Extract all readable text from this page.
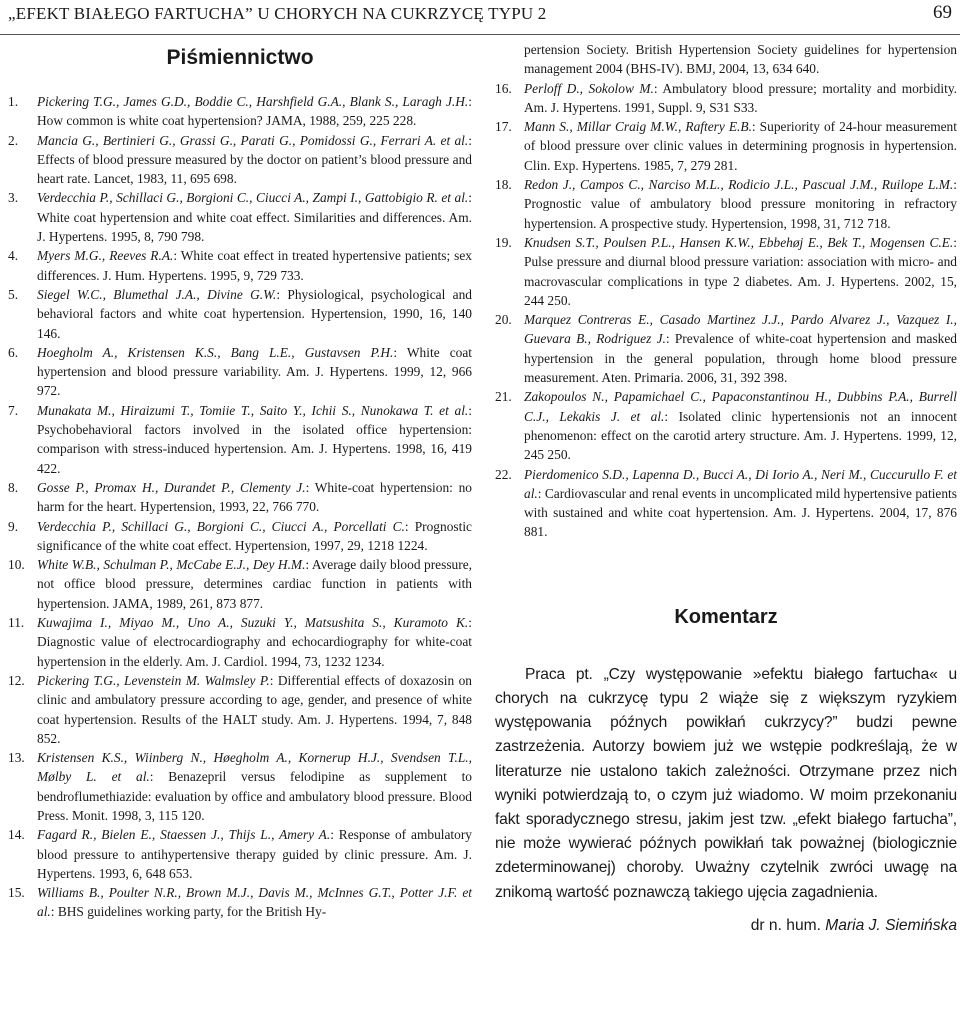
„EFEKT BIAŁEGO FARTUCHA” U CHORYCH NA CUKRZYCĘ TYPU 2	69
Piśmiennictwo
1. Pickering T.G., James G.D., Boddie C., Harshfield G.A., Blank S., Laragh J.H.: How common is white coat hypertension? JAMA, 1988, 259, 225 228.
2. Mancia G., Bertinieri G., Grassi G., Parati G., Pomidossi G., Ferrari A. et al.: Effects of blood pressure measured by the doctor on patient’s blood pressure and heart rate. Lancet, 1983, 11, 695 698.
3. Verdecchia P., Schillaci G., Borgioni C., Ciucci A., Zampi I., Gattobigio R. et al.: White coat hypertension and white coat effect. Similarities and differences. Am. J. Hypertens. 1995, 8, 790 798.
4. Myers M.G., Reeves R.A.: White coat effect in treated hypertensive patients; sex differences. J. Hum. Hypertens. 1995, 9, 729 733.
5. Siegel W.C., Blumethal J.A., Divine G.W.: Physiological, psychological and behavioral factors and white coat hypertension. Hypertension, 1990, 16, 140 146.
6. Hoegholm A., Kristensen K.S., Bang L.E., Gustavsen P.H.: White coat hypertension and blood pressure variability. Am. J. Hypertens. 1999, 12, 966 972.
7. Munakata M., Hiraizumi T., Tomiie T., Saito Y., Ichii S., Nunokawa T. et al.: Psychobehavioral factors involved in the isolated office hypertension: comparison with stress-induced hypertension. Am. J. Hypertens. 1998, 16, 419 422.
8. Gosse P., Promax H., Durandet P., Clementy J.: White-coat hypertension: no harm for the heart. Hypertension, 1993, 22, 766 770.
9. Verdecchia P., Schillaci G., Borgioni C., Ciucci A., Porcellati C.: Prognostic significance of the white coat effect. Hypertension, 1997, 29, 1218 1224.
10. White W.B., Schulman P., McCabe E.J., Dey H.M.: Average daily blood pressure, not office blood pressure, determines cardiac function in patients with hypertension. JAMA, 1989, 261, 873 877.
11. Kuwajima I., Miyao M., Uno A., Suzuki Y., Matsushita S., Kuramoto K.: Diagnostic value of electrocardiography and echocardiography for white-coat hypertension in the elderly. Am. J. Cardiol. 1994, 73, 1232 1234.
12. Pickering T.G., Levenstein M. Walmsley P.: Differential effects of doxazosin on clinic and ambulatory pressure according to age, gender, and presence of white coat hypertension. Results of the HALT study. Am. J. Hypertens. 1994, 7, 848 852.
13. Kristensen K.S., Wiinberg N., Høegholm A., Kornerup H.J., Svendsen T.L., Mølby L. et al.: Benazepril versus felodipine as supplement to bendroflumethiazide: evaluation by office and ambulatory blood pressure. Blood Press. Monit. 1998, 3, 115 120.
14. Fagard R., Bielen E., Staessen J., Thijs L., Amery A.: Response of ambulatory blood pressure to antihypertensive therapy guided by clinic pressure. Am. J. Hypertens. 1993, 6, 648 653.
15. Williams B., Poulter N.R., Brown M.J., Davis M., McInnes G.T., Potter J.F. et al.: BHS guidelines working party, for the British Hy-
pertension Society. British Hypertension Society guidelines for hypertension management 2004 (BHS-IV). BMJ, 2004, 13, 634 640.
16. Perloff D., Sokolow M.: Ambulatory blood pressure; mortality and morbidity. Am. J. Hypertens. 1991, Suppl. 9, S31 S33.
17. Mann S., Millar Craig M.W., Raftery E.B.: Superiority of 24-hour measurement of blood pressure over clinic values in determining prognosis in hypertension. Clin. Exp. Hypertens. 1985, 7, 279 281.
18. Redon J., Campos C., Narciso M.L., Rodicio J.L., Pascual J.M., Ruilope L.M.: Prognostic value of ambulatory blood pressure monitoring in refractory hypertension. A prospective study. Hypertension, 1998, 31, 712 718.
19. Knudsen S.T., Poulsen P.L., Hansen K.W., Ebbehøj E., Bek T., Mogensen C.E.: Pulse pressure and diurnal blood pressure variation: association with micro- and macrovascular complications in type 2 diabetes. Am. J. Hypertens. 2002, 15, 244 250.
20. Marquez Contreras E., Casado Martinez J.J., Pardo Alvarez J., Vazquez I., Guevara B., Rodriguez J.: Prevalence of white-coat hypertension and masked hypertension in the general population, through home blood pressure measurement. Aten. Primaria. 2006, 31, 392 398.
21. Zakopoulos N., Papamichael C., Papaconstantinou H., Dubbins P.A., Burrell C.J., Lekakis J. et al.: Isolated clinic hypertensionis not an innocent phenomenon: effect on the carotid artery structure. Am. J. Hypertens. 1999, 12, 245 250.
22. Pierdomenico S.D., Lapenna D., Bucci A., Di Iorio A., Neri M., Cuccurullo F. et al.: Cardiovascular and renal events in uncomplicated mild hypertensive patients with sustained and white coat hypertension. Am. J. Hypertens. 2004, 17, 876 881.
Komentarz
Praca pt. „Czy występowanie »efektu białego fartucha« u chorych na cukrzycę typu 2 wiąże się z większym ryzykiem występowania późnych powikłań cukrzycy?” budzi pewne zastrzeżenia. Autorzy bowiem już we wstępie podkreślają, że w literaturze nie ustalono takich zależności. Otrzymane przez nich wyniki potwierdzają to, o czym już wiadomo. W moim przekonaniu fakt sporadycznego stresu, jakim jest tzw. „efekt białego fartucha”, nie może wywierać późnych powikłań tak poważnej (biologicznie zdeterminowanej) choroby. Uważny czytelnik zwróci uwagę na znikomą wartość poznawczą takiego ujęcia zagadnienia.
dr n. hum. Maria J. Siemińska
